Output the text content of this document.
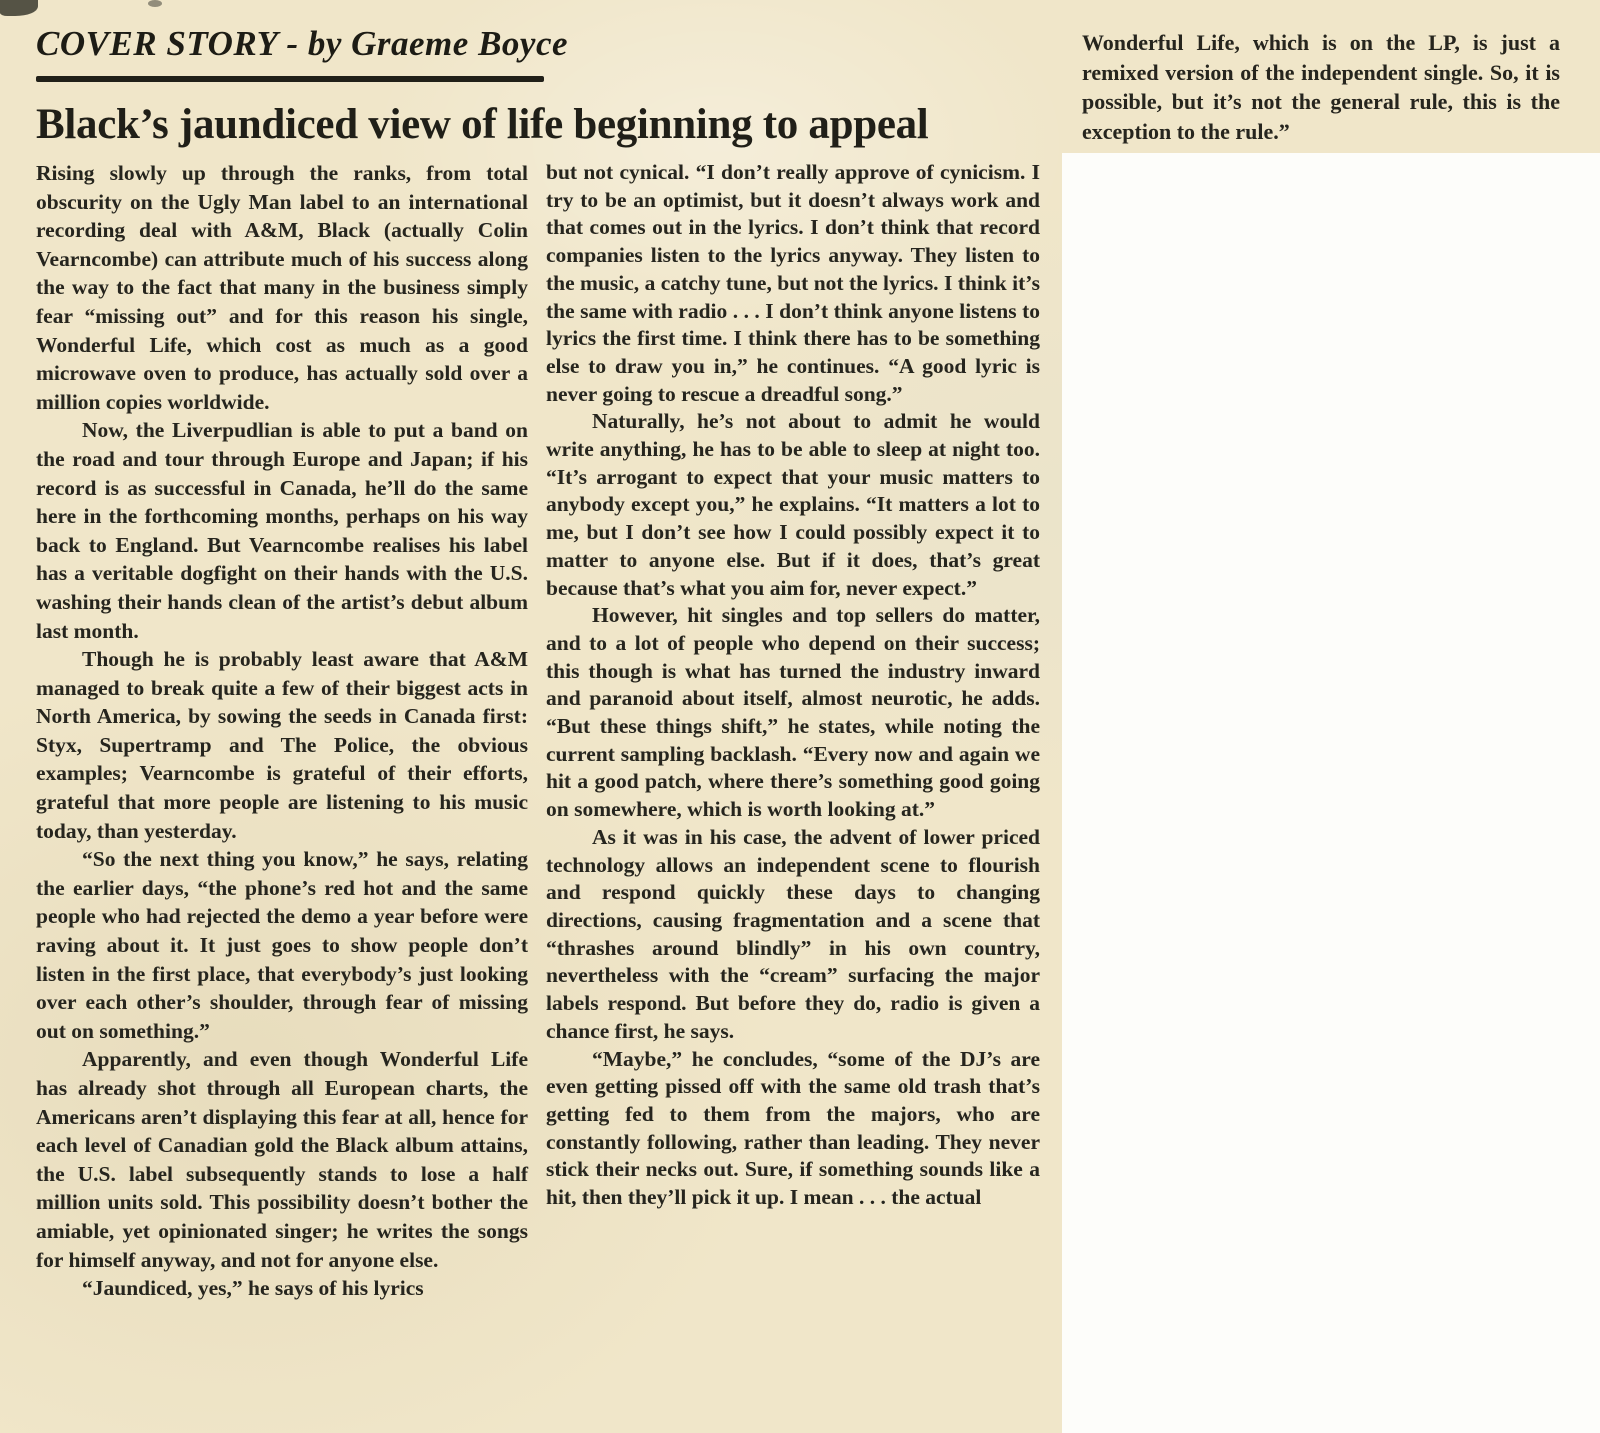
COVER STORY - by Graeme Boyce
Black’s jaundiced view of life beginning to appeal

Rising slowly up through the ranks, from total obscurity on the Ugly Man label to an international recording deal with A&M, Black (actually Colin Vearncombe) can attribute much of his success along the way to the fact that many in the business simply fear “missing out” and for this reason his single, Wonderful Life, which cost as much as a good microwave oven to produce, has actually sold over a million copies worldwide.

Now, the Liverpudlian is able to put a band on the road and tour through Europe and Japan; if his record is as successful in Canada, he’ll do the same here in the forthcoming months, perhaps on his way back to England. But Vearncombe realises his label has a veritable dogfight on their hands with the U.S. washing their hands clean of the artist’s debut album last month.

Though he is probably least aware that A&M managed to break quite a few of their biggest acts in North America, by sowing the seeds in Canada first: Styx, Supertramp and The Police, the obvious examples; Vearncombe is grateful of their efforts, grateful that more people are listening to his music today, than yesterday.

“So the next thing you know,” he says, relating the earlier days, “the phone’s red hot and the same people who had rejected the demo a year before were raving about it. It just goes to show people don’t listen in the first place, that everybody’s just looking over each other’s shoulder, through fear of missing out on something.”

Apparently, and even though Wonderful Life has already shot through all European charts, the Americans aren’t displaying this fear at all, hence for each level of Canadian gold the Black album attains, the U.S. label subsequently stands to lose a half million units sold. This possibility doesn’t bother the amiable, yet opinionated singer; he writes the songs for himself anyway, and not for anyone else.

“Jaundiced, yes,” he says of his lyrics

but not cynical. “I don’t really approve of cynicism. I try to be an optimist, but it doesn’t always work and that comes out in the lyrics. I don’t think that record companies listen to the lyrics anyway. They listen to the music, a catchy tune, but not the lyrics. I think it’s the same with radio . . . I don’t think anyone listens to lyrics the first time. I think there has to be something else to draw you in,” he continues. “A good lyric is never going to rescue a dreadful song.”

Naturally, he’s not about to admit he would write anything, he has to be able to sleep at night too. “It’s arrogant to expect that your music matters to anybody except you,” he explains. “It matters a lot to me, but I don’t see how I could possibly expect it to matter to anyone else. But if it does, that’s great because that’s what you aim for, never expect.”

However, hit singles and top sellers do matter, and to a lot of people who depend on their success; this though is what has turned the industry inward and paranoid about itself, almost neurotic, he adds. “But these things shift,” he states, while noting the current sampling backlash. “Every now and again we hit a good patch, where there’s something good going on somewhere, which is worth looking at.”

As it was in his case, the advent of lower priced technology allows an independent scene to flourish and respond quickly these days to changing directions, causing fragmentation and a scene that “thrashes around blindly” in his own country, nevertheless with the “cream” surfacing the major labels respond. But before they do, radio is given a chance first, he says.

“Maybe,” he concludes, “some of the DJ’s are even getting pissed off with the same old trash that’s getting fed to them from the majors, who are constantly following, rather than leading. They never stick their necks out. Sure, if something sounds like a hit, then they’ll pick it up. I mean . . . the actual

Wonderful Life, which is on the LP, is just a remixed version of the independent single. So, it is possible, but it’s not the general rule, this is the exception to the rule.”
